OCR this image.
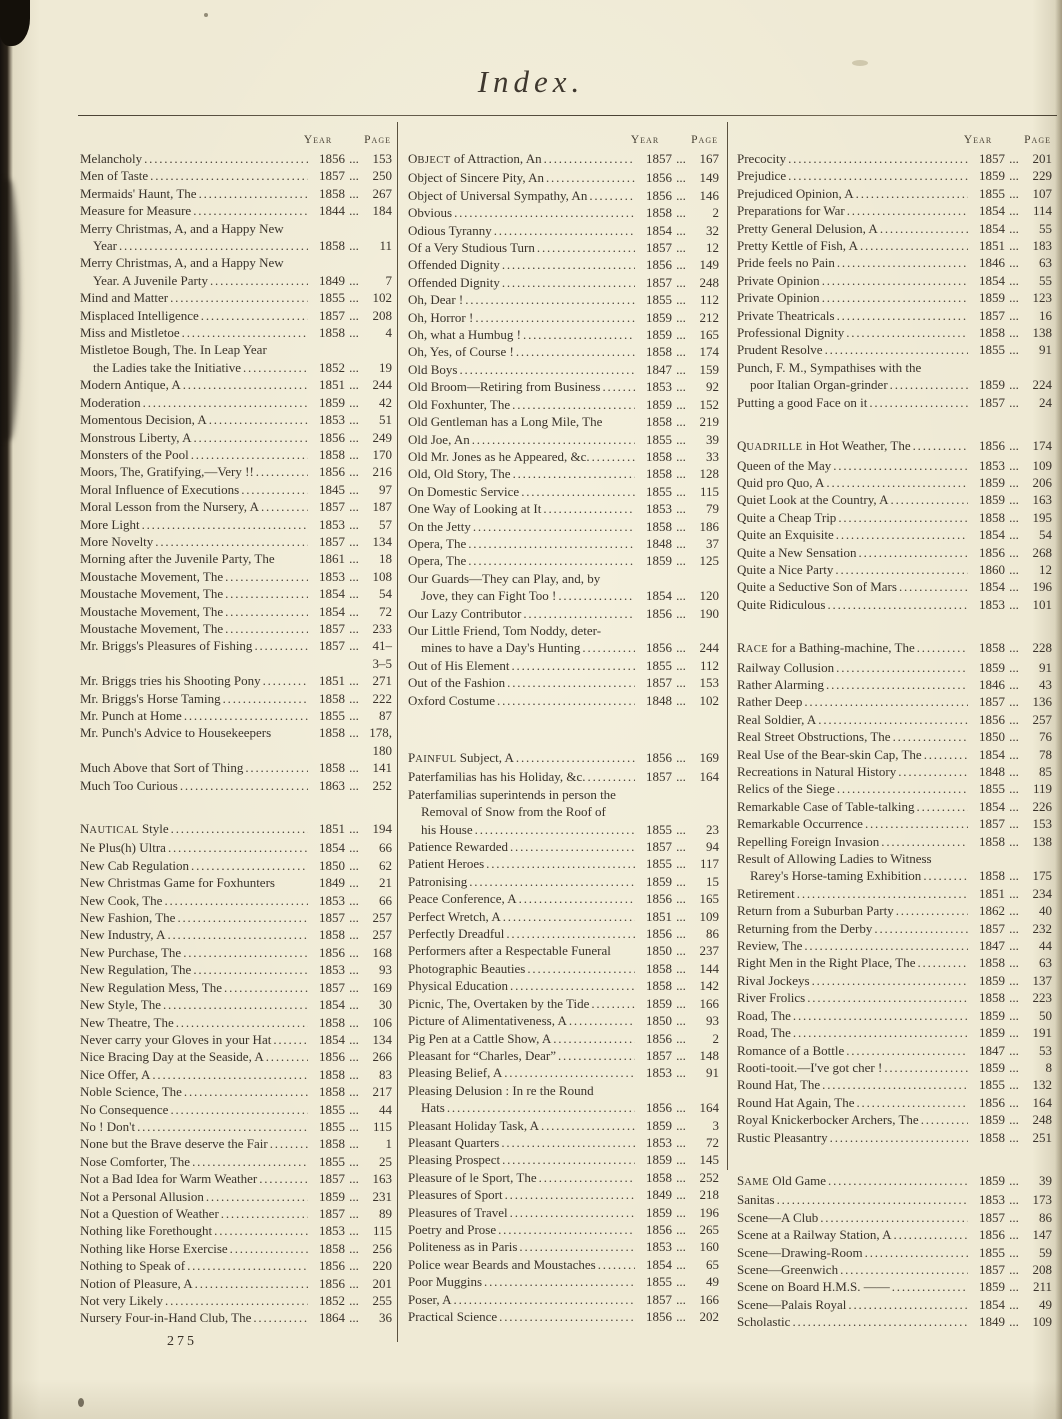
Index.
Year	Page
Melancholy .....	1856 ...	153
Men of Taste .....	1857 ...	250
Mermaids' Haunt, The .....	1858 ...	267
Measure for Measure .....	1844 ...	184
Merry Christmas, A, and a Happy New
Year .....	1858 ...	11
Merry Christmas, A, and a Happy New
Year. A Juvenile Party .....	1849 ...	7
Mind and Matter .....	1855 ...	102
Misplaced Intelligence .....	1857 ...	208
Miss and Mistletoe .....	1858 ...	4
Mistletoe Bough, The. In Leap Year
the Ladies take the Initiative .....	1852 ...	19
Modern Antique, A .....	1851 ...	244
Moderation .....	1859 ...	42
Momentous Decision, A .....	1853 ...	51
Monstrous Liberty, A .....	1856 ...	249
Monsters of the Pool .....	1858 ...	170
Moors, The, Gratifying,—Very !! .....	1856 ...	216
Moral Influence of Executions .....	1845 ...	97
Moral Lesson from the Nursery, A .....	1857 ...	187
More Light .....	1853 ...	57
More Novelty .....	1857 ...	134
Morning after the Juvenile Party, The	1861 ...	18
Moustache Movement, The .....	1853 ...	108
Moustache Movement, The .....	1854 ...	54
Moustache Movement, The .....	1854 ...	72
Moustache Movement, The .....	1857 ...	233
Mr. Briggs's Pleasures of Fishing .....	1857 ...	41–
3–5
Mr. Briggs tries his Shooting Pony .....	1851 ...	271
Mr. Briggs's Horse Taming .....	1858 ...	222
Mr. Punch at Home .....	1855 ...	87
Mr. Punch's Advice to Housekeepers	1858 ... 178,
180
Much Above that Sort of Thing .....	1858 ...	141
Much Too Curious .....	1863 ...	252
NAUTICAL Style .....	1851 ...	194
Ne Plus(h) Ultra .....	1854 ...	66
New Cab Regulation .....	1850 ...	62
New Christmas Game for Foxhunters	1849 ...	21
New Cook, The .....	1853 ...	66
New Fashion, The .....	1857 ...	257
New Industry, A .....	1858 ...	257
New Purchase, The .....	1856 ...	168
New Regulation, The .....	1853 ...	93
New Regulation Mess, The .....	1857 ...	169
New Style, The .....	1854 ...	30
New Theatre, The .....	1858 ...	106
Never carry your Gloves in your Hat .....	1854 ...	134
Nice Bracing Day at the Seaside, A .....	1856 ...	266
Nice Offer, A .....	1858 ...	83
Noble Science, The .....	1858 ...	217
No Consequence .....	1855 ...	44
No ! Don't .....	1855 ...	115
None but the Brave deserve the Fair .....	1858 ...	1
Nose Comforter, The .....	1855 ...	25
Not a Bad Idea for Warm Weather .....	1857 ...	163
Not a Personal Allusion .....	1859 ...	231
Not a Question of Weather .....	1857 ...	89
Nothing like Forethought .....	1853 ...	115
Nothing like Horse Exercise .....	1858 ...	256
Nothing to Speak of .....	1856 ...	220
Notion of Pleasure, A .....	1856 ...	201
Not very Likely .....	1852 ...	255
Nursery Four-in-Hand Club, The .....	1864 ...	36
Year	Page
OBJECT of Attraction, An .....	1857 ...	167
Object of Sincere Pity, An .....	1856 ...	149
Object of Universal Sympathy, An .....	1856 ...	146
Obvious .....	1858 ...	2
Odious Tyranny .....	1854 ...	32
Of a Very Studious Turn .....	1857 ...	12
Offended Dignity .....	1856 ...	149
Offended Dignity .....	1857 ...	248
Oh, Dear ! .....	1855 ...	112
Oh, Horror ! .....	1859 ...	212
Oh, what a Humbug ! .....	1859 ...	165
Oh, Yes, of Course ! .....	1858 ...	174
Old Boys .....	1847 ...	159
Old Broom—Retiring from Business .....	1853 ...	92
Old Foxhunter, The .....	1859 ...	152
Old Gentleman has a Long Mile, The	1858 ...	219
Old Joe, An .....	1855 ...	39
Old Mr. Jones as he Appeared, &c. .....	1858 ...	33
Old, Old Story, The .....	1858 ...	128
On Domestic Service .....	1855 ...	115
One Way of Looking at It .....	1853 ...	79
On the Jetty .....	1858 ...	186
Opera, The .....	1848 ...	37
Opera, The .....	1859 ...	125
Our Guards—They can Play, and, by
Jove, they can Fight Too ! .....	1854 ...	120
Our Lazy Contributor .....	1856 ...	190
Our Little Friend, Tom Noddy, deter-
mines to have a Day's Hunting .....	1856 ...	244
Out of His Element .....	1855 ...	112
Out of the Fashion .....	1857 ...	153
Oxford Costume .....	1848 ...	102
PAINFUL Subject, A .....	1856 ...	169
Paterfamilias has his Holiday, &c. .....	1857 ...	164
Paterfamilias superintends in person the
Removal of Snow from the Roof of
his House .....	1855 ...	23
Patience Rewarded .....	1857 ...	94
Patient Heroes .....	1855 ...	117
Patronising .....	1859 ...	15
Peace Conference, A .....	1856 ...	165
Perfect Wretch, A .....	1851 ...	109
Perfectly Dreadful .....	1856 ...	86
Performers after a Respectable Funeral	1850 ...	237
Photographic Beauties .....	1858 ...	144
Physical Education .....	1858 ...	142
Picnic, The, Overtaken by the Tide .....	1859 ...	166
Picture of Alimentativeness, A .....	1850 ...	93
Pig Pen at a Cattle Show, A .....	1856 ...	2
Pleasant for “Charles, Dear” .....	1857 ...	148
Pleasing Belief, A .....	1853 ...	91
Pleasing Delusion : In re the Round
Hats .....	1856 ...	164
Pleasant Holiday Task, A .....	1859 ...	3
Pleasant Quarters .....	1853 ...	72
Pleasing Prospect .....	1859 ...	145
Pleasure of le Sport, The .....	1858 ...	252
Pleasures of Sport .....	1849 ...	218
Pleasures of Travel .....	1859 ...	196
Poetry and Prose .....	1856 ...	265
Politeness as in Paris .....	1853 ...	160
Police wear Beards and Moustaches .....	1854 ...	65
Poor Muggins .....	1855 ...	49
Poser, A .....	1857 ...	166
Practical Science .....	1856 ...	202
Year	Page
Precocity .....	1857 ...	201
Prejudice .....	1859 ...	229
Prejudiced Opinion, A .....	1855 ...	107
Preparations for War .....	1854 ...	114
Pretty General Delusion, A .....	1854 ...	55
Pretty Kettle of Fish, A .....	1851 ...	183
Pride feels no Pain .....	1846 ...	63
Private Opinion .....	1854 ...	55
Private Opinion .....	1859 ...	123
Private Theatricals .....	1857 ...	16
Professional Dignity .....	1858 ...	138
Prudent Resolve .....	1855 ...	91
Punch, F. M., Sympathises with the
poor Italian Organ-grinder .....	1859 ...	224
Putting a good Face on it .....	1857 ...	24
QUADRILLE in Hot Weather, The .....	1856 ...	174
Queen of the May .....	1853 ...	109
Quid pro Quo, A .....	1859 ...	206
Quiet Look at the Country, A .....	1859 ...	163
Quite a Cheap Trip .....	1858 ...	195
Quite an Exquisite .....	1854 ...	54
Quite a New Sensation .....	1856 ...	268
Quite a Nice Party .....	1860 ...	12
Quite a Seductive Son of Mars .....	1854 ...	196
Quite Ridiculous .....	1853 ...	101
RACE for a Bathing-machine, The .....	1858 ...	228
Railway Collusion .....	1859 ...	91
Rather Alarming .....	1846 ...	43
Rather Deep .....	1857 ...	136
Real Soldier, A .....	1856 ...	257
Real Street Obstructions, The .....	1850 ...	76
Real Use of the Bear-skin Cap, The .....	1854 ...	78
Recreations in Natural History .....	1848 ...	85
Relics of the Siege .....	1855 ...	119
Remarkable Case of Table-talking .....	1854 ...	226
Remarkable Occurrence .....	1857 ...	153
Repelling Foreign Invasion .....	1858 ...	138
Result of Allowing Ladies to Witness
Rarey's Horse-taming Exhibition .....	1858 ...	175
Retirement .....	1851 ...	234
Return from a Suburban Party .....	1862 ...	40
Returning from the Derby .....	1857 ...	232
Review, The .....	1847 ...	44
Right Men in the Right Place, The .....	1858 ...	63
Rival Jockeys .....	1859 ...	137
River Frolics .....	1858 ...	223
Road, The .....	1859 ...	50
Road, The .....	1859 ...	191
Romance of a Bottle .....	1847 ...	53
Rooti-tooit.—I've got cher ! .....	1859 ...	8
Round Hat, The .....	1855 ...	132
Round Hat Again, The .....	1856 ...	164
Royal Knickerbocker Archers, The .....	1859 ...	248
Rustic Pleasantry .....	1858 ...	251
SAME Old Game .....	1859 ...	39
Sanitas .....	1853 ...	173
Scene—A Club .....	1857 ...	86
Scene at a Railway Station, A .....	1856 ...	147
Scene—Drawing-Room .....	1855 ...	59
Scene—Greenwich .....	1857 ...	208
Scene on Board H.M.S. —— .....	1859 ...	211
Scene—Palais Royal .....	1854 ...	49
Scholastic .....	1849 ...	109
275
